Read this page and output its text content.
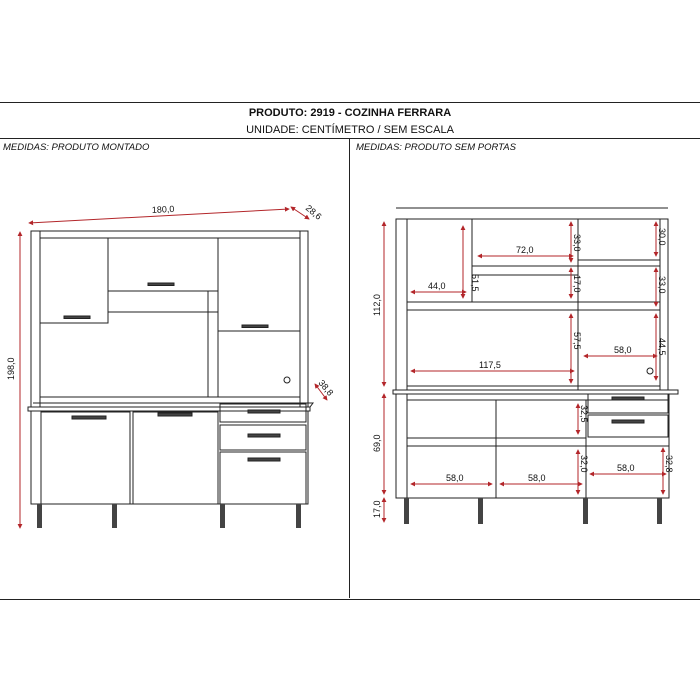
PRODUTO: 2919 - COZINHA FERRARA
UNIDADE: CENTÍMETRO / SEM ESCALA
MEDIDAS: PRODUTO MONTADO	MEDIDAS: PRODUTO SEM PORTAS
180,0	28,6
198,0
38,8
112,0
69,0
17,0
72,0
44,0	51,5
33,0
17,0
30,0
33,0
117,5
57,5
58,0	44,5
32,5
32,0	32,8
58,0	58,0
58,0
